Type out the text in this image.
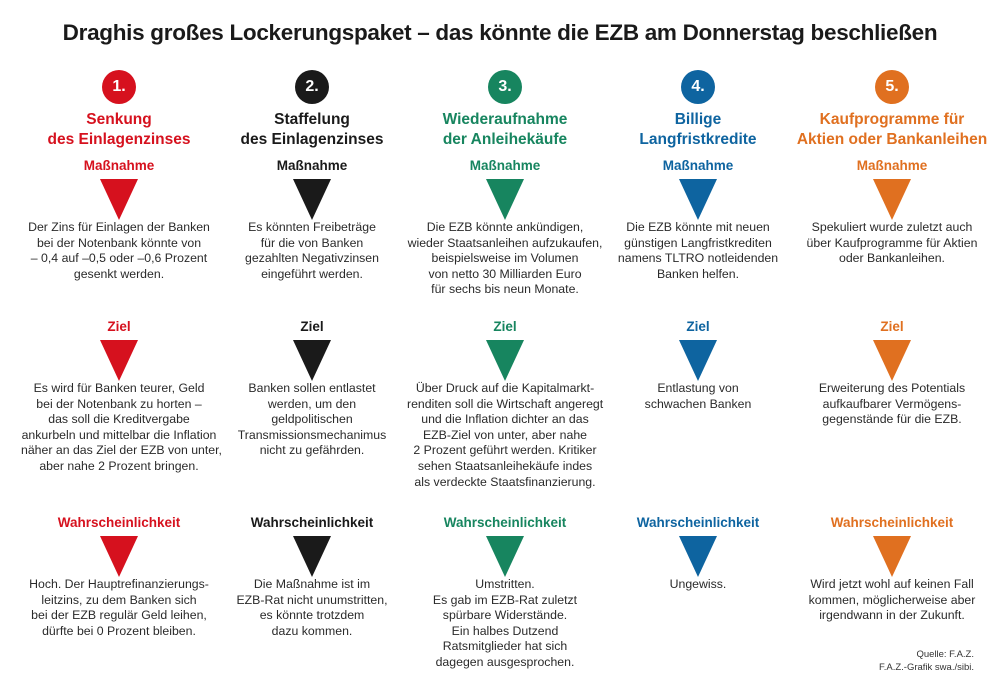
Draghis großes Lockerungspaket – das könnte die EZB am Donnerstag beschließen
1.
Senkung
des Einlagenzinses
Maßnahme
Der Zins für Einlagen der Banken
bei der Notenbank könnte von
– 0,4 auf –0,5 oder –0,6 Prozent
gesenkt werden.
Ziel
Es wird für Banken teurer, Geld
bei der Notenbank zu horten –
das soll die Kreditvergabe
ankurbeln und mittelbar die Inflation
näher an das Ziel der EZB von unter,
aber nahe 2 Prozent bringen.
Wahrscheinlichkeit
Hoch. Der Hauptrefinanzierungs-
leitzins, zu dem Banken sich
bei der EZB regulär Geld leihen,
dürfte bei 0 Prozent bleiben.
2.
Staffelung
des Einlagenzinses
Maßnahme
Es könnten Freibeträge
für die von Banken
gezahlten Negativzinsen
eingeführt werden.
Ziel
Banken sollen entlastet
werden, um den
geldpolitischen
Transmissionsmechanimus
nicht zu gefährden.
Wahrscheinlichkeit
Die Maßnahme ist im
EZB-Rat nicht unumstritten,
es könnte trotzdem
dazu kommen.
3.
Wiederaufnahme
der Anleihekäufe
Maßnahme
Die EZB könnte ankündigen,
wieder Staatsanleihen aufzukaufen,
beispielsweise im Volumen
von netto 30 Milliarden Euro
für sechs bis neun Monate.
Ziel
Über Druck auf die Kapitalmarkt-
renditen soll die Wirtschaft angeregt
und die Inflation dichter an das
EZB-Ziel von unter, aber nahe
2 Prozent geführt werden. Kritiker
sehen Staatsanleihekäufe indes
als verdeckte Staatsfinanzierung.
Wahrscheinlichkeit
Umstritten.
Es gab im EZB-Rat zuletzt
spürbare Widerstände.
Ein halbes Dutzend
Ratsmitglieder hat sich
dagegen ausgesprochen.
4.
Billige
Langfristkredite
Maßnahme
Die EZB könnte mit neuen
günstigen Langfristkrediten
namens TLTRO notleidenden
Banken helfen.
Ziel
Entlastung von
schwachen Banken
Wahrscheinlichkeit
Ungewiss.
5.
Kaufprogramme für
Aktien oder Bankanleihen
Maßnahme
Spekuliert wurde zuletzt auch
über Kaufprogramme für Aktien
oder Bankanleihen.
Ziel
Erweiterung des Potentials
aufkaufbarer Vermögens-
gegenstände für die EZB.
Wahrscheinlichkeit
Wird jetzt wohl auf keinen Fall
kommen, möglicherweise aber
irgendwann in der Zukunft.
Quelle: F.A.Z.
F.A.Z.-Grafik swa./sibi.
